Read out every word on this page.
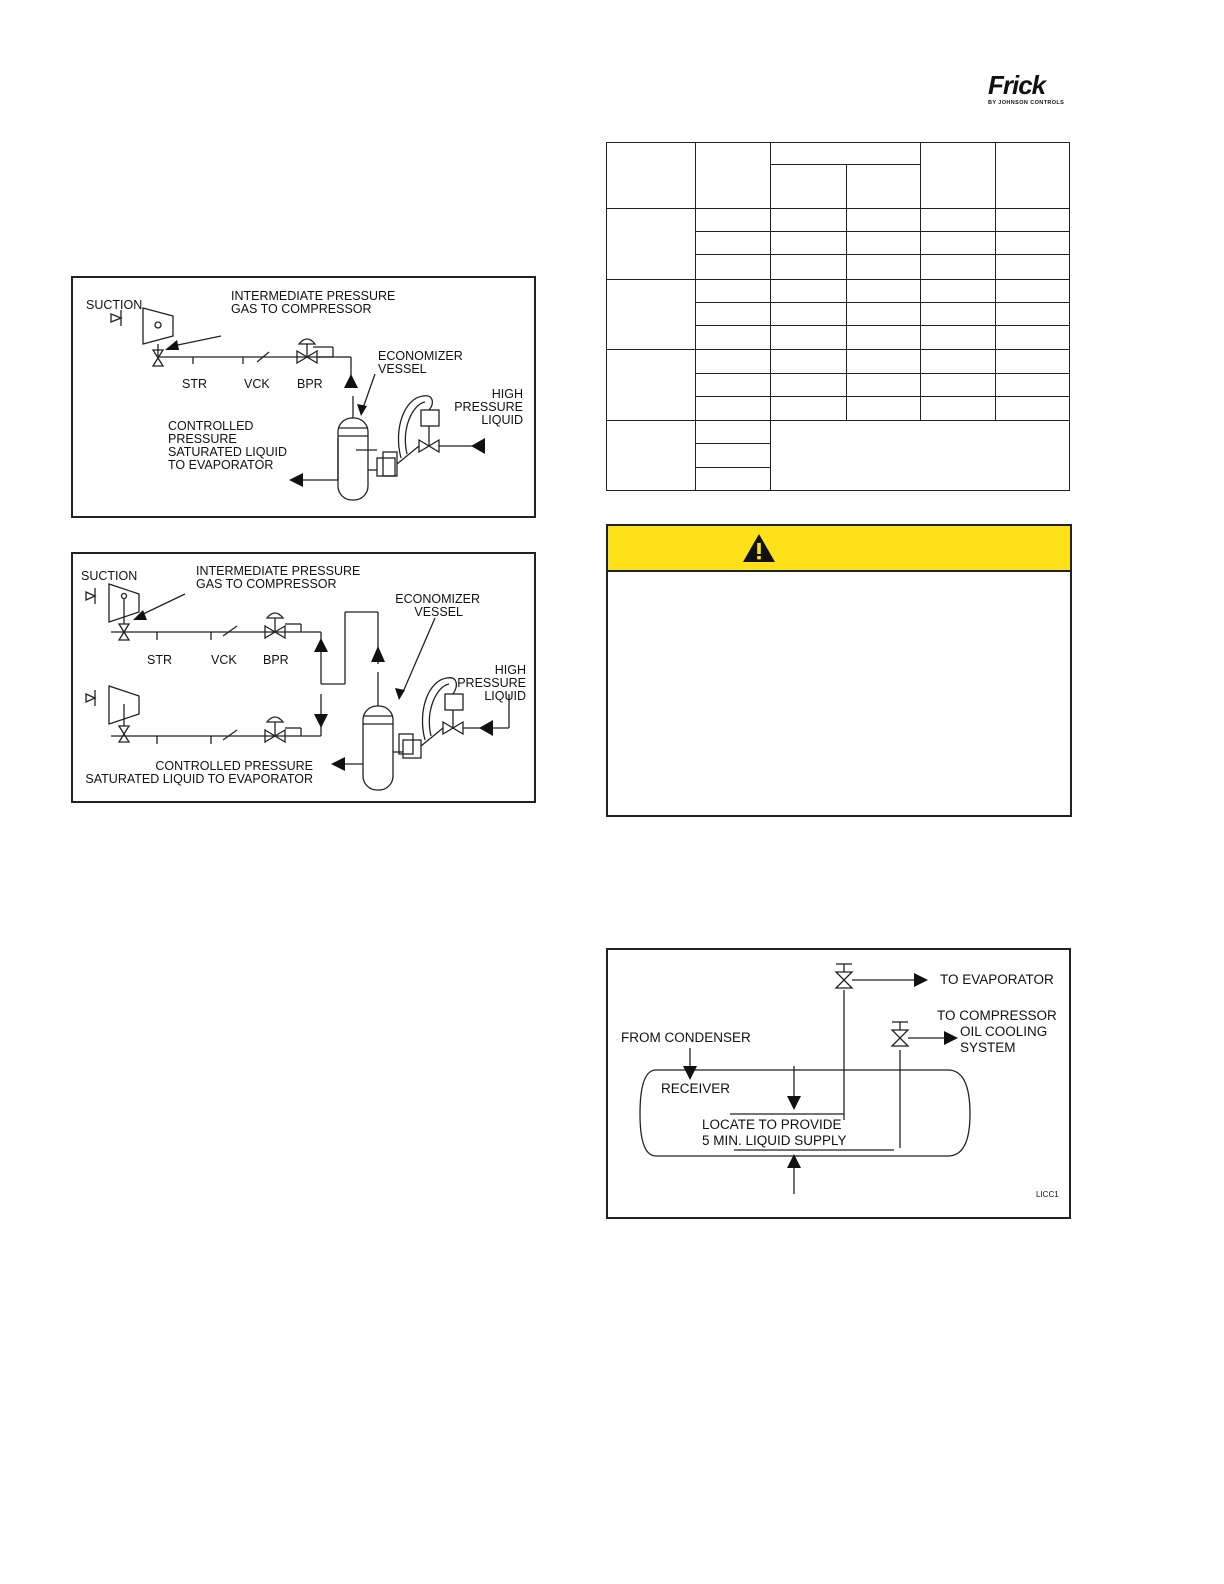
Frick
BY JOHNSON CONTROLS
SUCTION
INTERMEDIATE PRESSURE
GAS TO COMPRESSOR
STR	VCK BPR
ECONOMIZER
VESSEL
HIGH
PRESSURE
LIQUID
CONTROLLED
PRESSURE
SATURATED LIQUID
TO EVAPORATOR
SUCTION	INTERMEDIATE PRESSURE
GAS TO COMPRESSOR
ECONOMIZER
VESSEL
STR	VCK BPR
HIGH
PRESSURE
LIQUID
CONTROLLED PRESSURE
SATURATED LIQUID TO EVAPORATOR

TO EVAPORATOR
TO COMPRESSOR
OIL COOLING
SYSTEM
FROM CONDENSER
RECEIVER
LOCATE TO PROVIDE
5 MIN. LIQUID SUPPLY
LICC1
